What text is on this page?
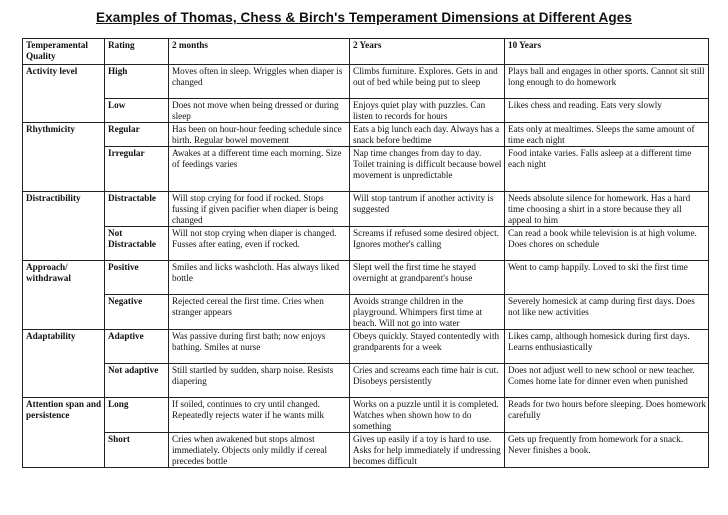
Examples of Thomas, Chess & Birch's Temperament Dimensions at Different Ages
Temperamental Quality	Rating	2 months	2 Years	10 Years
Activity level	High	Moves often in sleep. Wriggles when diaper is changed	Climbs furniture. Explores. Gets in and out of bed while being put to sleep	Plays ball and engages in other sports. Cannot sit still long enough to do homework
	Low	Does not move when being dressed or during sleep	Enjoys quiet play with puzzles. Can listen to records for hours	Likes chess and reading. Eats very slowly
Rhythmicity	Regular	Has been on hour-hour feeding schedule since birth. Regular bowel movement	Eats a big lunch each day. Always has a snack before bedtime	Eats only at mealtimes. Sleeps the same amount of time each night
	Irregular	Awakes at a different time each morning. Size of feedings varies	Nap time changes from day to day. Toilet training is difficult because bowel movement is unpredictable	Food intake varies. Falls asleep at a different time each night
Distractibility	Distractable	Will stop crying for food if rocked. Stops fussing if given pacifier when diaper is being changed	Will stop tantrum if another activity is suggested	Needs absolute silence for homework. Has a hard time choosing a shirt in a store because they all appeal to him
	Not Distractable	Will not stop crying when diaper is changed. Fusses after eating, even if rocked.	Screams if refused some desired object. Ignores mother's calling	Can read a book while television is at high volume. Does chores on schedule
Approach/ withdrawal	Positive	Smiles and licks washcloth. Has always liked bottle	Slept well the first time he stayed overnight at grandparent's house	Went to camp happily. Loved to ski the first time
	Negative	Rejected cereal the first time. Cries when stranger appears	Avoids strange children in the playground. Whimpers first time at beach. Will not go into water	Severely homesick at camp during first days. Does not like new activities
Adaptability	Adaptive	Was passive during first bath; now enjoys bathing. Smiles at nurse	Obeys quickly. Stayed contentedly with grandparents for a week	Likes camp, although homesick during first days. Learns enthusiastically
	Not adaptive	Still startled by sudden, sharp noise. Resists diapering	Cries and screams each time hair is cut. Disobeys persistently	Does not adjust well to new school or new teacher. Comes home late for dinner even when punished
Attention span and persistence	Long	If soiled, continues to cry until changed. Repeatedly rejects water if he wants milk	Works on a puzzle until it is completed. Watches when shown how to do something	Reads for two hours before sleeping. Does homework carefully
	Short	Cries when awakened but stops almost immediately. Objects only mildly if cereal precedes bottle	Gives up easily if a toy is hard to use. Asks for help immediately if undressing becomes difficult	Gets up frequently from homework for a snack. Never finishes a book.
